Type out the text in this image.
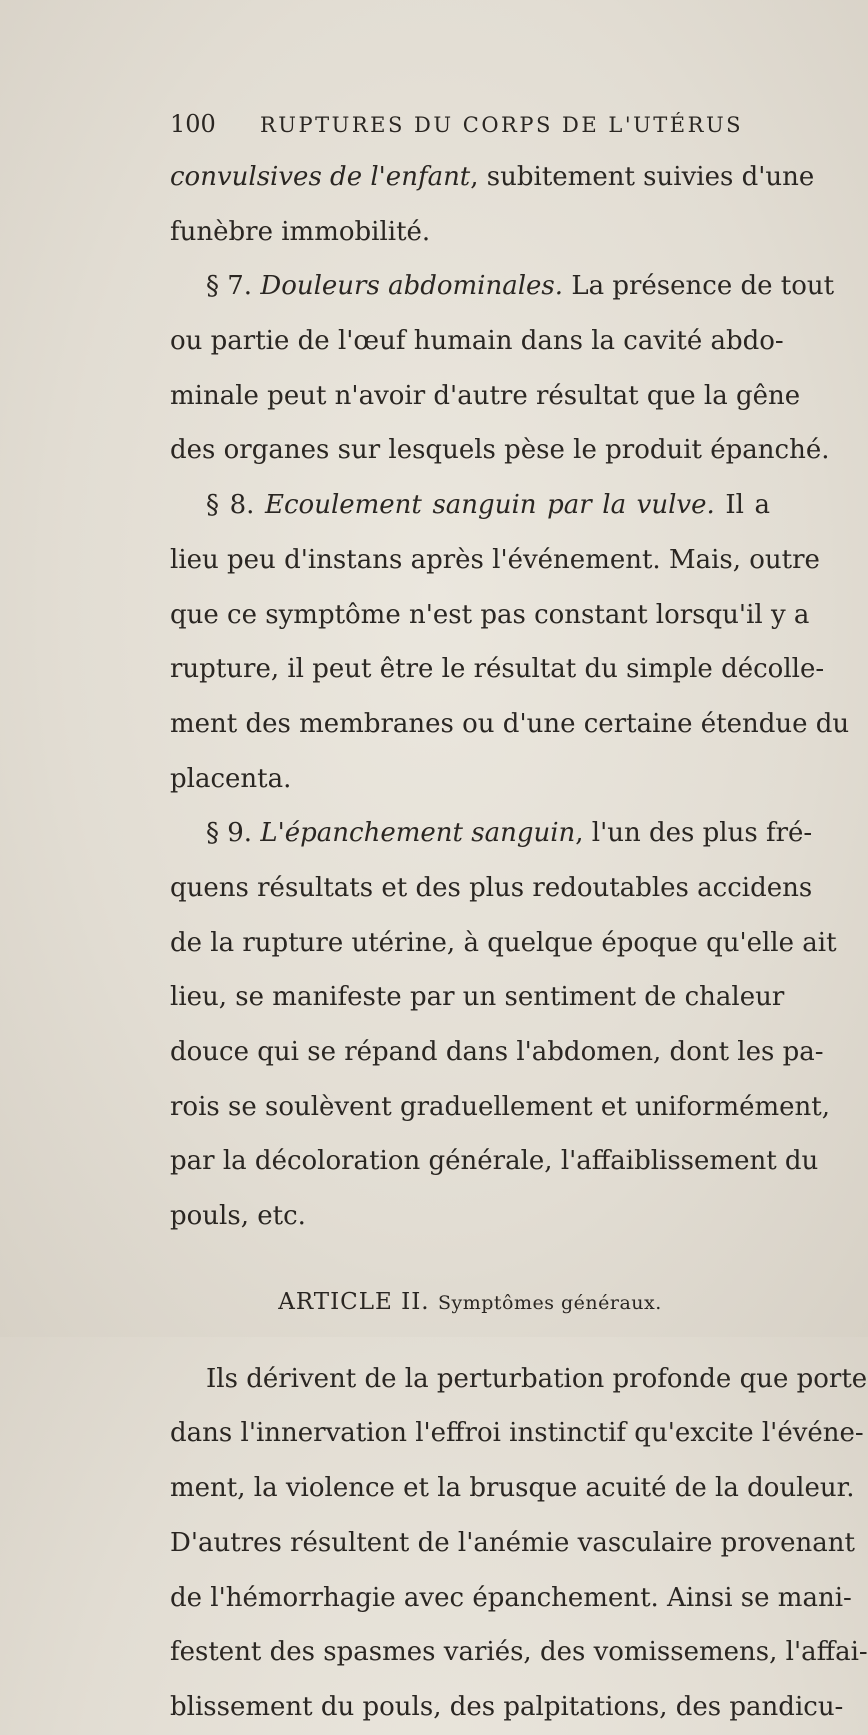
100	RUPTURES DU CORPS DE L'UTÉRUS
convulsives de l'enfant, subitement suivies d'une
funèbre immobilité.
§ 7. Douleurs abdominales. La présence de tout
ou partie de l'œuf humain dans la cavité abdo-
minale peut n'avoir d'autre résultat que la gêne
des organes sur lesquels pèse le produit épanché.
§ 8. Ecoulement sanguin par la vulve. Il a
lieu peu d'instans après l'événement. Mais, outre
que ce symptôme n'est pas constant lorsqu'il y a
rupture, il peut être le résultat du simple décolle-
ment des membranes ou d'une certaine étendue du
placenta.
§ 9. L'épanchement sanguin, l'un des plus fré-
quens résultats et des plus redoutables accidens
de la rupture utérine, à quelque époque qu'elle ait
lieu, se manifeste par un sentiment de chaleur
douce qui se répand dans l'abdomen, dont les pa-
rois se soulèvent graduellement et uniformément,
par la décoloration générale, l'affaiblissement du
pouls, etc.
ARTICLE II. Symptômes généraux.
Ils dérivent de la perturbation profonde que porte
dans l'innervation l'effroi instinctif qu'excite l'événe-
ment, la violence et la brusque acuité de la douleur.
D'autres résultent de l'anémie vasculaire provenant
de l'hémorrhagie avec épanchement. Ainsi se mani-
festent des spasmes variés, des vomissemens, l'affai-
blissement du pouls, des palpitations, des pandicu-
